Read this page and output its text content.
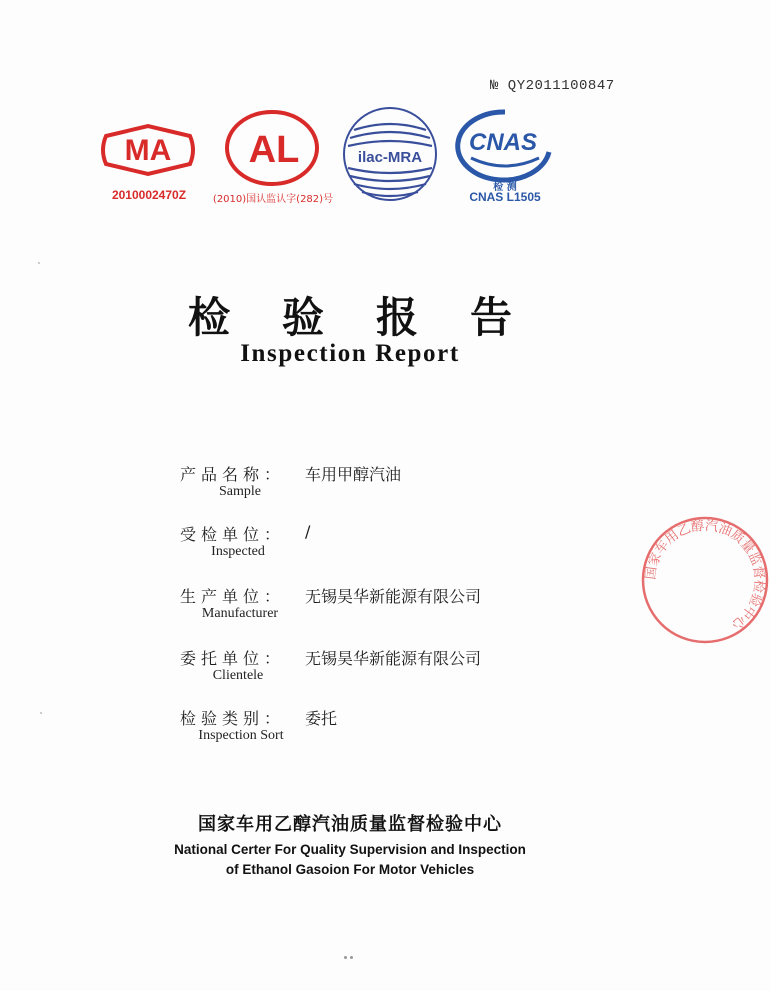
№ QY2011100847
MA
2010002470Z
AL
(2010)国认监认字(282)号
ilac-MRA
CNAS
检 测
CNAS L1505
检验报告
Inspection Report
产品名称：	车用甲醇汽油
Sample
受检单位：	/
Inspected
生产单位：	无锡昊华新能源有限公司
Manufacturer
委托单位：	无锡昊华新能源有限公司
Clientele
检验类别：	委托
Inspection Sort
国家车用乙醇汽油质量监督检验中心
国家车用乙醇汽油质量监督检验中心
National Certer For Quality Supervision and Inspection
of Ethanol Gasoion For Motor Vehicles
